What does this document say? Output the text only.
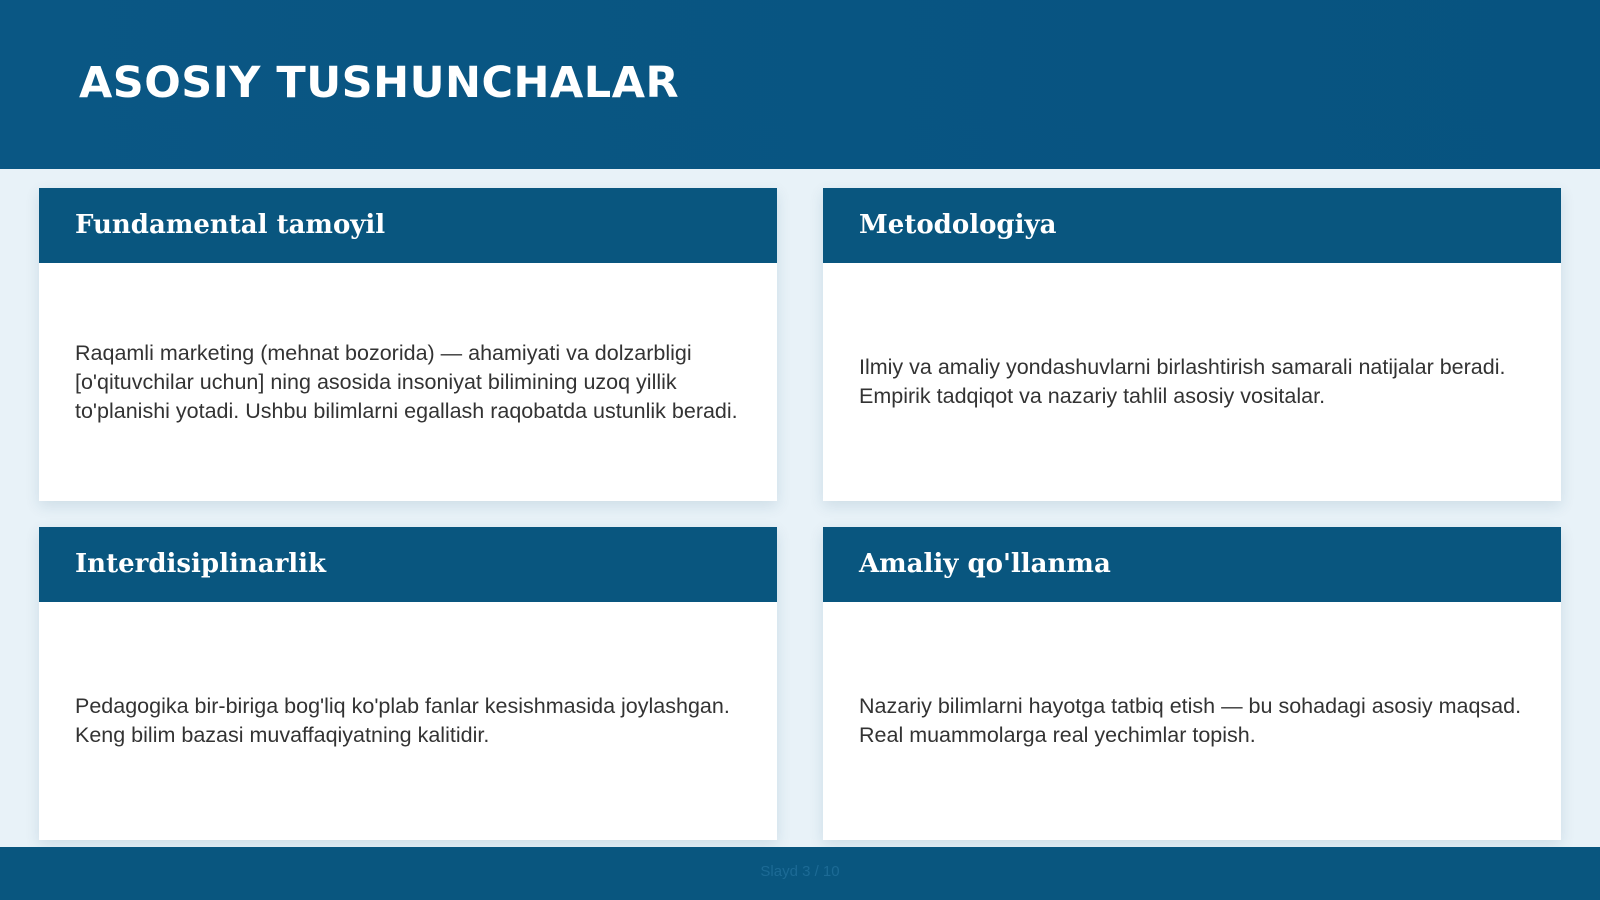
ASOSIY TUSHUNCHALAR
Fundamental tamoyil

Raqamli marketing (mehnat bozorida) — ahamiyati va dolzarbligi [o'qituvchilar uchun] ning asosida insoniyat bilimining uzoq yillik to'planishi yotadi. Ushbu bilimlarni egallash raqobatda ustunlik beradi.

Metodologiya

Ilmiy va amaliy yondashuvlarni birlashtirish samarali natijalar beradi. Empirik tadqiqot va nazariy tahlil asosiy vositalar.

Interdisiplinarlik

Pedagogika bir-biriga bog'liq ko'plab fanlar kesishmasida joylashgan. Keng bilim bazasi muvaffaqiyatning kalitidir.

Amaliy qo'llanma

Nazariy bilimlarni hayotga tatbiq etish — bu sohadagi asosiy maqsad. Real muammolarga real yechimlar topish.

Slayd 3 / 10
